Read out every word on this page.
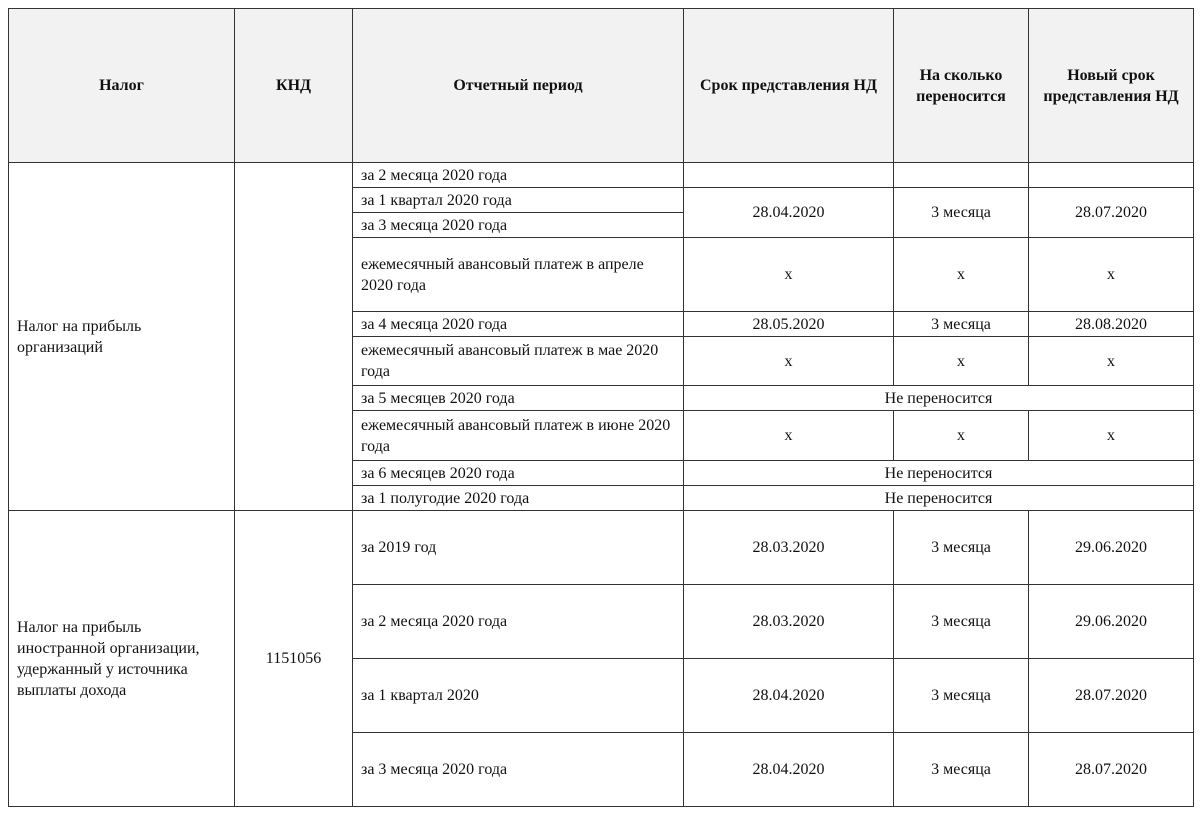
Налог	КНД	Отчетный период	Срок представления НД	На сколько переносится	Новый срок представления НД
Налог на прибыль организаций		за 2 месяца 2020 года			
		за 1 квартал 2020 года	28.04.2020	3 месяца	28.07.2020
		за 3 месяца 2020 года			
		ежемесячный авансовый платеж в апреле 2020 года	х	х	х
		за 4 месяца 2020 года	28.05.2020	3 месяца	28.08.2020
		ежемесячный авансовый платеж в мае 2020 года	х	х	х
		за 5 месяцев 2020 года	Не переносится		
		ежемесячный авансовый платеж в июне 2020 года	х	х	х
		за 6 месяцев 2020 года	Не переносится		
		за 1 полугодие 2020 года	Не переносится		

Налог на прибыль иностранной организации, удержанный у источника выплаты дохода	1151056	за 2019 год	28.03.2020	3 месяца	29.06.2020
		за 2 месяца 2020 года	28.03.2020	3 месяца	29.06.2020
		за 1 квартал 2020	28.04.2020	3 месяца	28.07.2020
		за 3 месяца 2020 года	28.04.2020	3 месяца	28.07.2020
